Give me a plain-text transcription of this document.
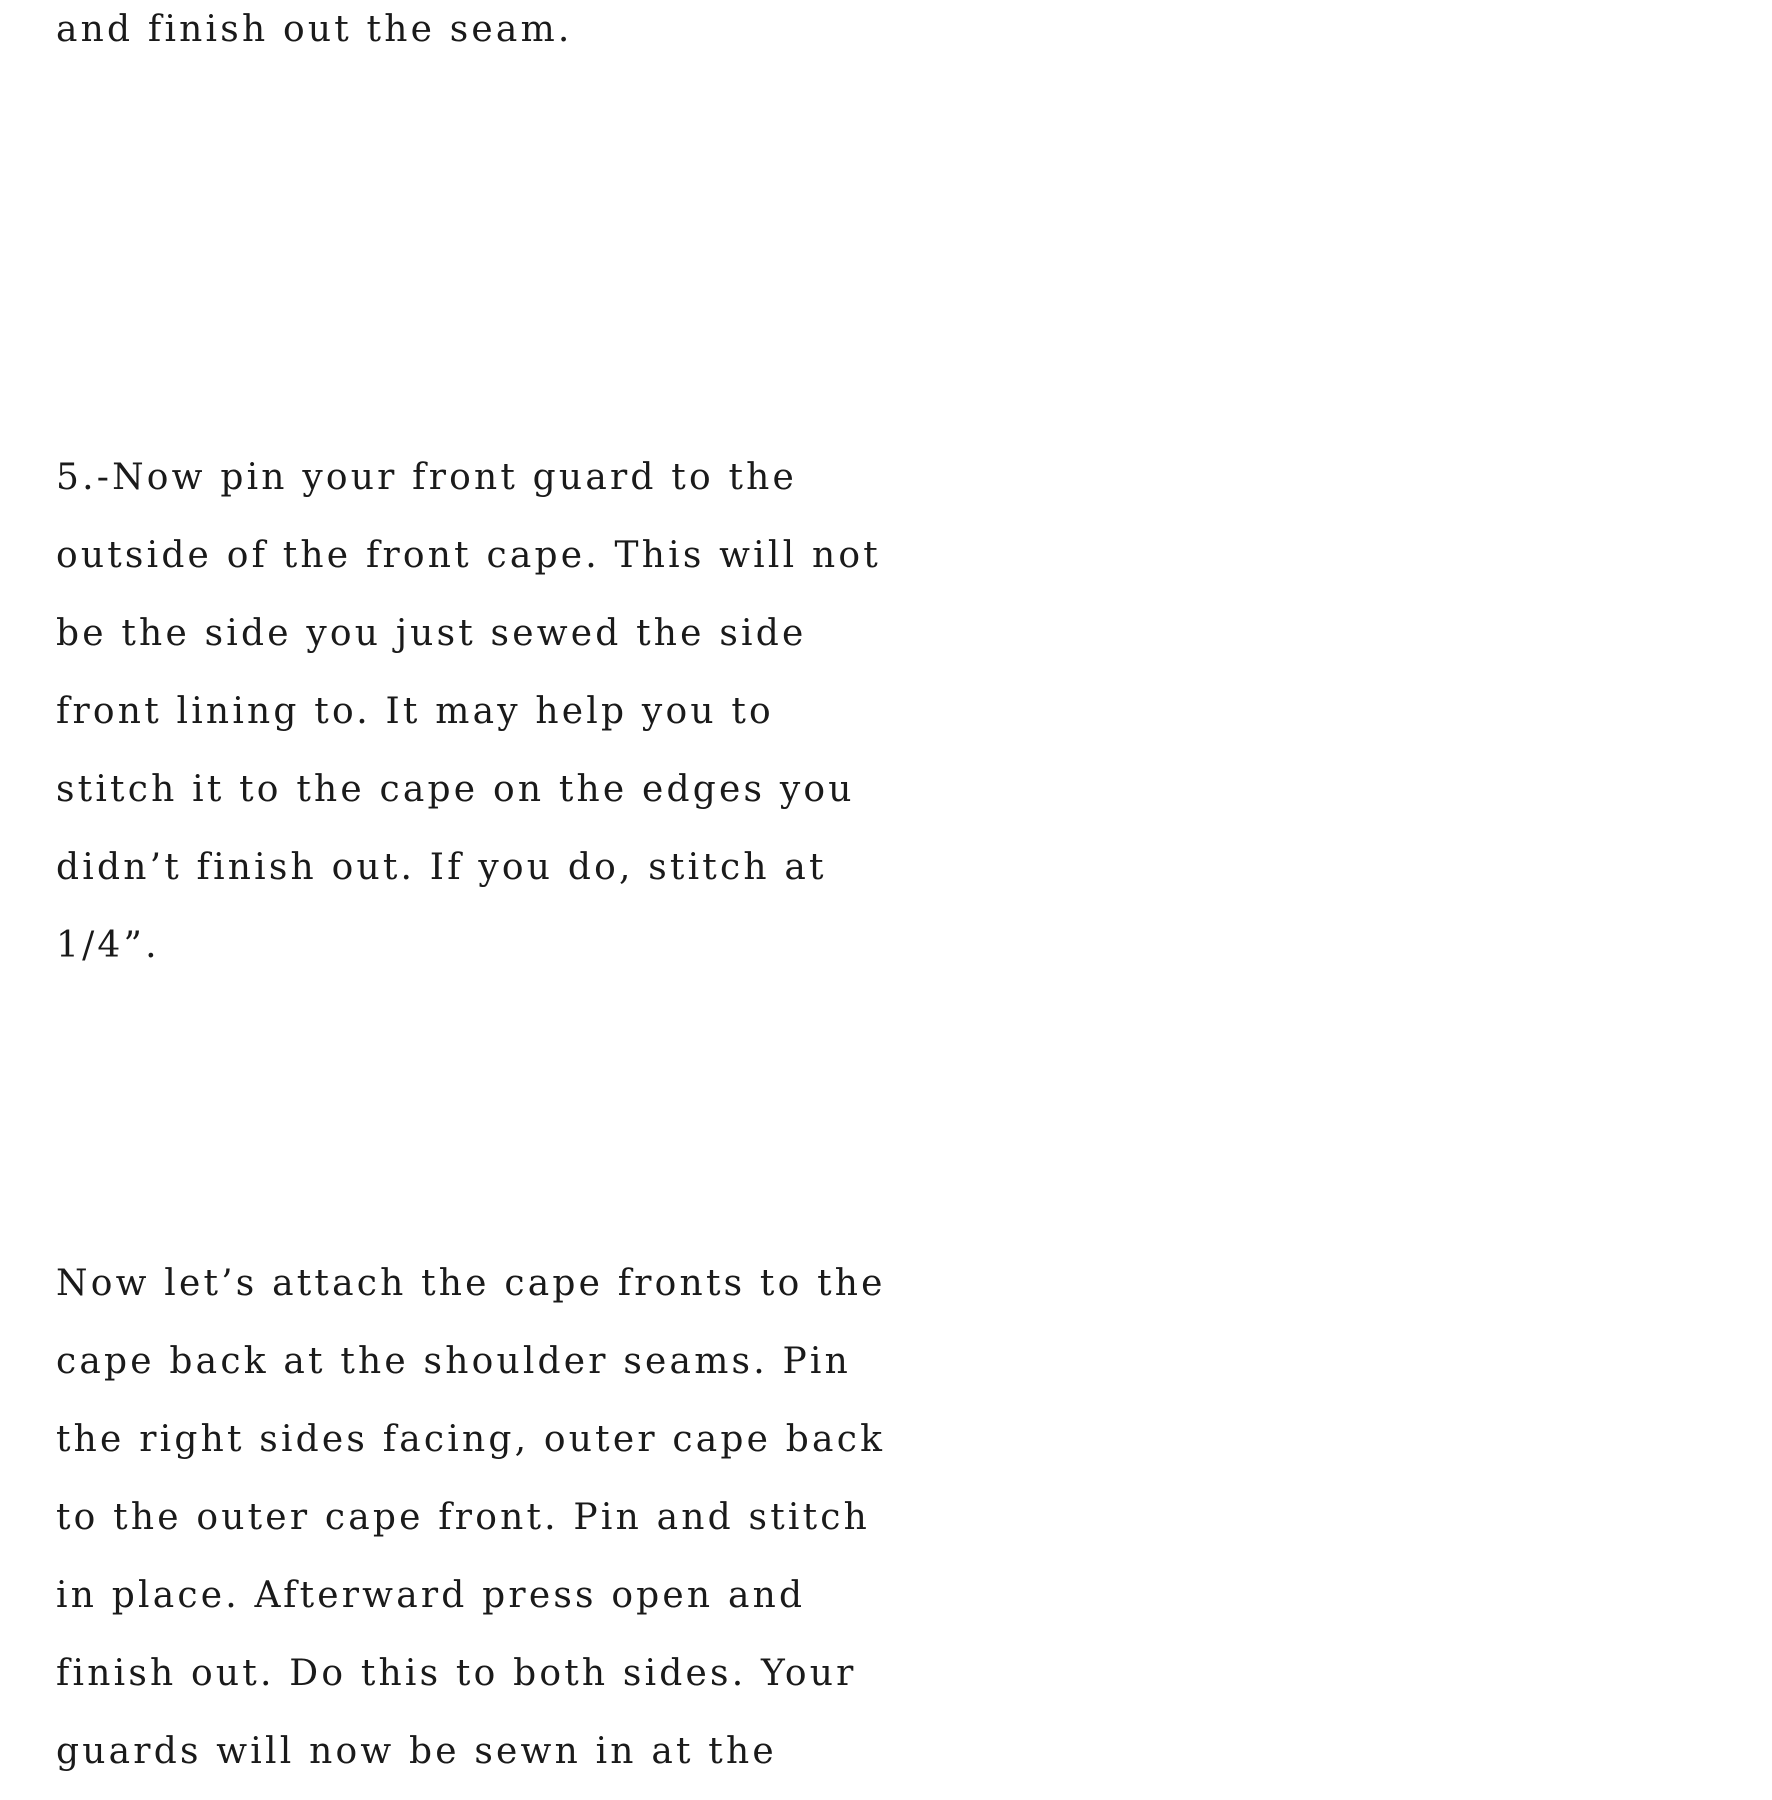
and finish out the seam.
5.-Now pin your front guard to the
outside of the front cape. This will not
be the side you just sewed the side
front lining to. It may help you to
stitch it to the cape on the edges you
didn’t finish out. If you do, stitch at
1/4”.
Now let’s attach the cape fronts to the
cape back at the shoulder seams. Pin
the right sides facing, outer cape back
to the outer cape front. Pin and stitch
in place. Afterward press open and
finish out. Do this to both sides. Your
guards will now be sewn in at the
